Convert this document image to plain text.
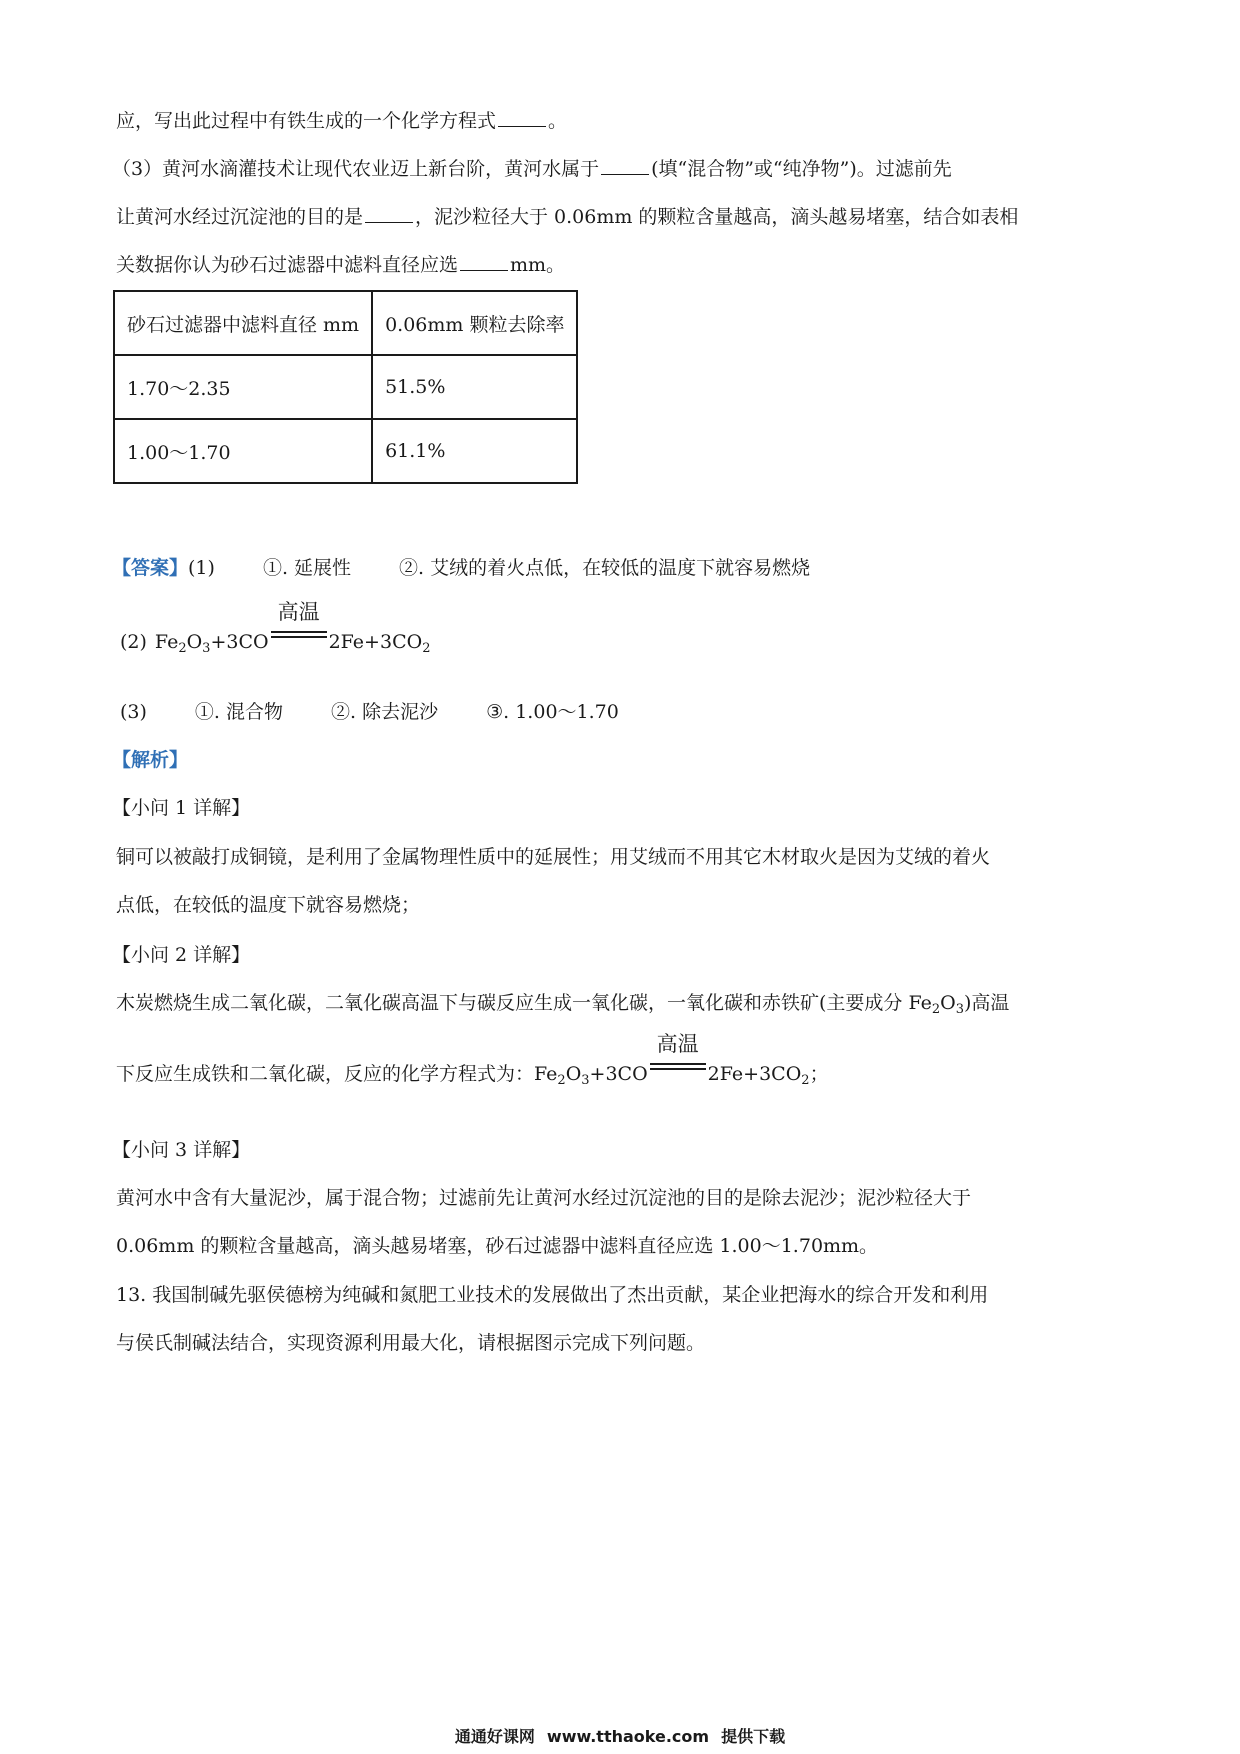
应，写出此过程中有铁生成的一个化学方程式	。
（3）黄河水滴灌技术让现代农业迈上新台阶，黄河水属于	(填“混合物”或“纯净物”)。过滤前先
让黄河水经过沉淀池的目的是	，泥沙粒径大于 0.06mm 的颗粒含量越高，滴头越易堵塞，结合如表相
关数据你认为砂石过滤器中滤料直径应选	mm。
砂石过滤器中滤料直径 mm	0.06mm 颗粒去除率
1.70～2.35	51.5%
1.00～1.70	61.1%
【答案】(1)	①. 延展性	②. 艾绒的着火点低，在较低的温度下就容易燃烧
(2) $Fe_2O_3+3CO$
高温
$2Fe+3CO_2$
(3)	①. 混合物	②. 除去泥沙	③. 1.00～1.70
【解析】
【小问 1 详解】
铜可以被敲打成铜镜，是利用了金属物理性质中的延展性；用艾绒而不用其它木材取火是因为艾绒的着火
点低，在较低的温度下就容易燃烧；
【小问 2 详解】
木炭燃烧生成二氧化碳，二氧化碳高温下与碳反应生成一氧化碳，一氧化碳和赤铁矿(主要成分 $Fe_2O_3$)高温
下反应生成铁和二氧化碳，反应的化学方程式为：$Fe_2O_3+3CO$
高温
$2Fe+3CO_2$；
【小问 3 详解】
黄河水中含有大量泥沙，属于混合物；过滤前先让黄河水经过沉淀池的目的是除去泥沙；泥沙粒径大于
0.06mm 的颗粒含量越高，滴头越易堵塞，砂石过滤器中滤料直径应选 1.00～1.70mm。
13. 我国制碱先驱侯德榜为纯碱和氮肥工业技术的发展做出了杰出贡献，某企业把海水的综合开发和利用
与侯氏制碱法结合，实现资源利用最大化，请根据图示完成下列问题。
通通好课网 www.tthaoke.com 提供下载
